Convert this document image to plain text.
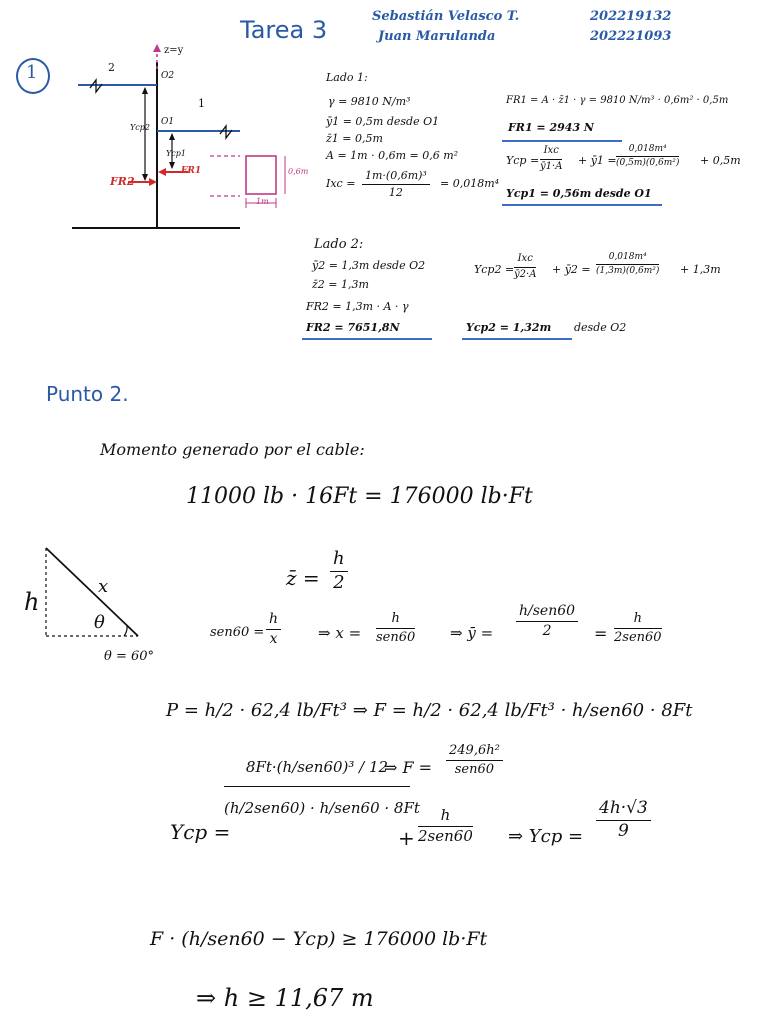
Tarea 3	Sebastián Velasco T.	202219132
Juan Marulanda	202221093
1	2
1
z=y
O2
O1
Ycp2
Ycp1
FR2
FR1	0,6m
1m
Lado 1:
γ = 9810 N/m³
ȳ1 = 0,5m desde O1
z̄1 = 0,5m
A = 1m · 0,6m = 0,6 m²
Ixc = $\frac{\text{1m·(0,6m)³}}{12} = 0,018m^4$
FR1 = A · z̄1 · γ = 9810 N/m³ · 0,6m² · 0,5m
FR1 = 2943 N
Ycp =
Ixc
ȳ1·A + ȳ1 = $\frac{\text{0,018m⁴}}{\text{(0,5m)(0,6m²)}} + 0,5m$
Ycp1 = 0,56m desde O1
Lado 2:
ȳ2 = 1,3m desde O2
z̄2 = 1,3m
FR2 = 1,3m · A · γ
FR2 = 7651,8N
Ycp2 =
Ixc
ȳ2·A + ȳ2 = $\frac{\text{0,018m⁴}}{\text{(1,3m)(0,6m²)}} + 1,3m$
Ycp2 = 1,32m desde O2
Punto 2.
Momento generado por el cable:
11000 lb · 16Ft = 176000 lb·Ft
h
x
θ
θ = 60°
z̄ = $\frac{h}{2}$
$sen60 = \frac{h}{x}$ ⇒ x =
h
sen60 ⇒ ȳ =
h/sen60
2	=
h
2sen60
P = h/2 · 62,4 lb/Ft³ ⇒ F = h/2 · 62,4 lb/Ft³ · h/sen60 · 8Ft
⇒ F =
249,6h²
sen60
Ycp =
8Ft·(h/sen60)³ / 12
(h/2sen60) · h/sen60 · 8Ft
+
h
2sen60 ⇒ Ycp = $\frac{4h\cdot√3}{9}$
F · (h/sen60 − Ycp) ≥ 176000 lb·Ft
⇒ h ≥ 11,67 m
